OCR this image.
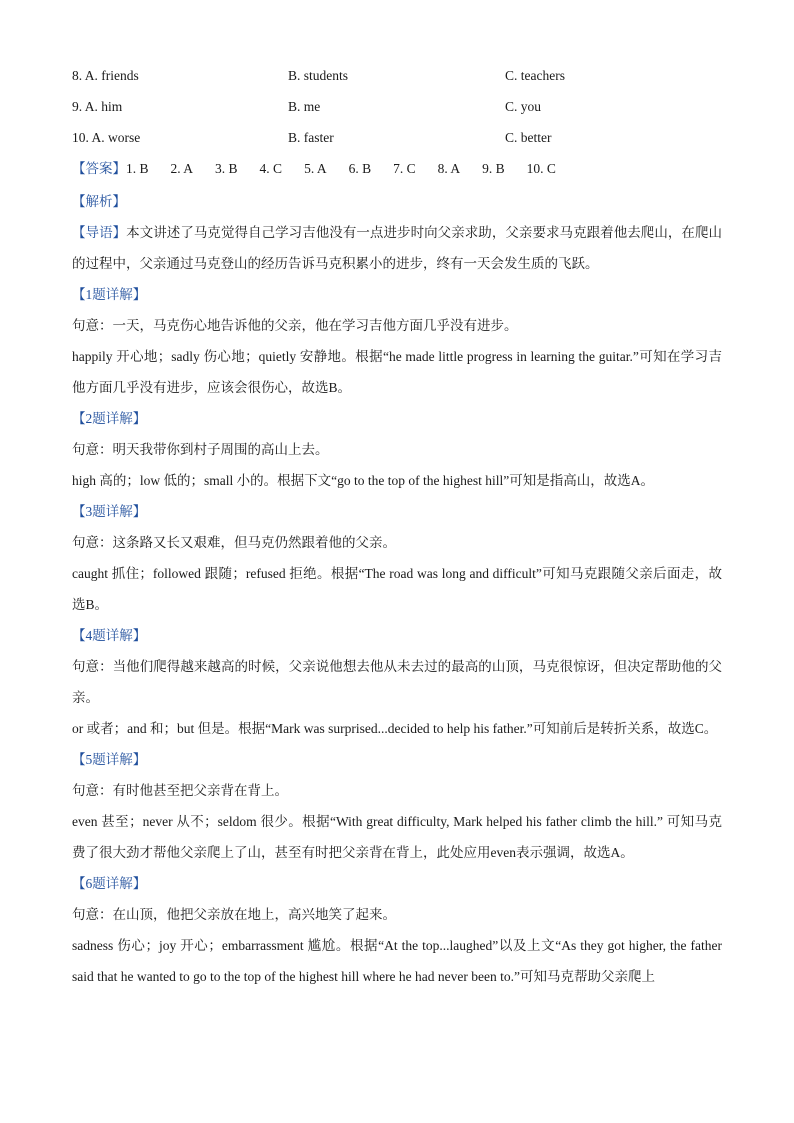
8. A. friends	B. students	C. teachers
9. A. him	B. me	C. you
10. A. worse	B. faster	C. better
【答案】1. B 2. A 3. B 4. C 5. A 6. B 7. C 8. A 9. B 10. C
【解析】
【导语】本文讲述了马克觉得自己学习吉他没有一点进步时向父亲求助，父亲要求马克跟着他去爬山，在爬山的过程中，父亲通过马克登山的经历告诉马克积累小的进步，终有一天会发生质的飞跃。
【1题详解】
句意：一天，马克伤心地告诉他的父亲，他在学习吉他方面几乎没有进步。
happily 开心地；sadly 伤心地；quietly 安静地。根据“he made little progress in learning the guitar.”可知在学习吉他方面几乎没有进步，应该会很伤心，故选B。
【2题详解】
句意：明天我带你到村子周围的高山上去。
high 高的；low 低的；small 小的。根据下文“go to the top of the highest hill”可知是指高山，故选A。
【3题详解】
句意：这条路又长又艰难，但马克仍然跟着他的父亲。
caught 抓住；followed 跟随；refused 拒绝。根据“The road was long and difficult”可知马克跟随父亲后面走，故选B。
【4题详解】
句意：当他们爬得越来越高的时候，父亲说他想去他从未去过的最高的山顶，马克很惊讶，但决定帮助他的父亲。
or 或者；and 和；but 但是。根据“Mark was surprised...decided to help his father.”可知前后是转折关系，故选C。
【5题详解】
句意：有时他甚至把父亲背在背上。
even 甚至；never 从不；seldom 很少。根据“With great difficulty, Mark helped his father climb the hill.” 可知马克费了很大劲才帮他父亲爬上了山，甚至有时把父亲背在背上，此处应用even表示强调，故选A。
【6题详解】
句意：在山顶，他把父亲放在地上，高兴地笑了起来。
sadness 伤心；joy 开心；embarrassment 尴尬。根据“At the top...laughed”以及上文“As they got higher, the father said that he wanted to go to the top of the highest hill where he had never been to.”可知马克帮助父亲爬上
